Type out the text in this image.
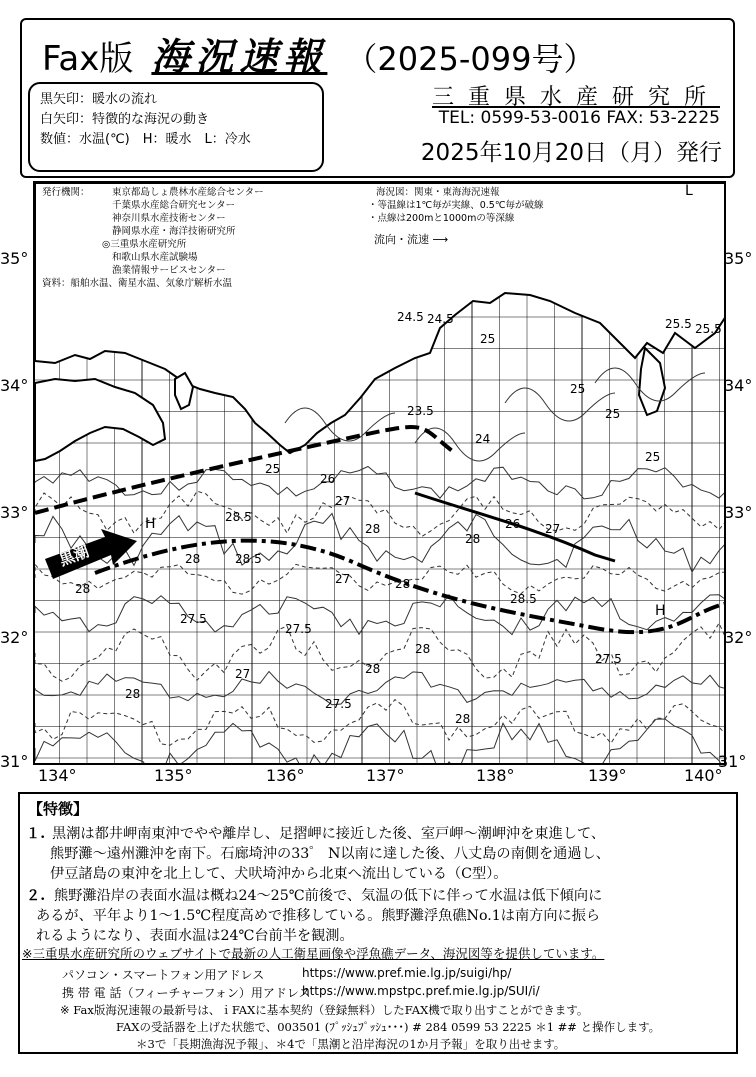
Fax版 海況速報 （2025-099号）
黒矢印：暖水の流れ
白矢印：特徴的な海況の動き
数値：水温(℃)　H：暖水　L：冷水
三重県水産研究所
TEL: 0599-53-0016 FAX: 53-2225
2025年10月20日（月）発行
24.5 24.5	25.5
25
25.5
23.5
24
25
25
25
26 27
28
28
28.5
28
27	28
28.5
27.5
27.5
27	28
28
27.5
28
27.5
28
28.5
25
26
27
28
H
H
L
発行機関：	東京都島しょ農林水産総合センター
千葉県水産総合研究センター
神奈川県水産技術センター
静岡県水産・海洋技術研究所
◎三重県水産研究所
和歌山県水産試験場
漁業情報サービスセンター
資料：船舶水温、衛星水温、気象庁解析水温
海況図：関東・東海海況速報
・等温線は1℃毎が実線、0.5℃毎が破線
・点線は200mと1000mの等深線
流向・流速 ⟶
黒潮
35°
34°
33°
32°
31°
35°
34°
33°
32°
31°
134°	135°	136°	137°	138°	139°	140°
【特徴】
１. 黒潮は都井岬南東沖でやや離岸し、足摺岬に接近した後、室戸岬～潮岬沖を東進して、
熊野灘～遠州灘沖を南下。石廊埼沖の33゜ N以南に達した後、八丈島の南側を通過し、
伊豆諸島の東沖を北上して、犬吠埼沖から北東へ流出している（C型）。
２. 熊野灘沿岸の表面水温は概ね24～25℃前後で、気温の低下に伴って水温は低下傾向に
あるが、平年より1～1.5℃程度高めで推移している。熊野灘浮魚礁No.1は南方向に振ら
れるようになり、表面水温は24℃台前半を観測。
※三重県水産研究所のウェブサイトで最新の人工衛星画像や浮魚礁データ、海況図等を提供しています。
パソコン・スマートフォン用アドレス	https://www.pref.mie.lg.jp/suigi/hp/
携 帯 電 話（フィーチャーフォン）用アドレス
https://www.mpstpc.pref.mie.lg.jp/SUI/i/
※ Fax版海況速報の最新号は、ｉFAXに基本契約（登録無料）したFAX機で取り出すことができます。
FAXの受話器を上げた状態で、003501 (ﾌﾟｯｼｭﾌﾟｯｼｭ･･･) # 284 0599 53 2225 ＊1 ## と操作します。
＊3で「長期漁海況予報」、＊4で「黒潮と沿岸海況の1か月予報」を取り出せます。
